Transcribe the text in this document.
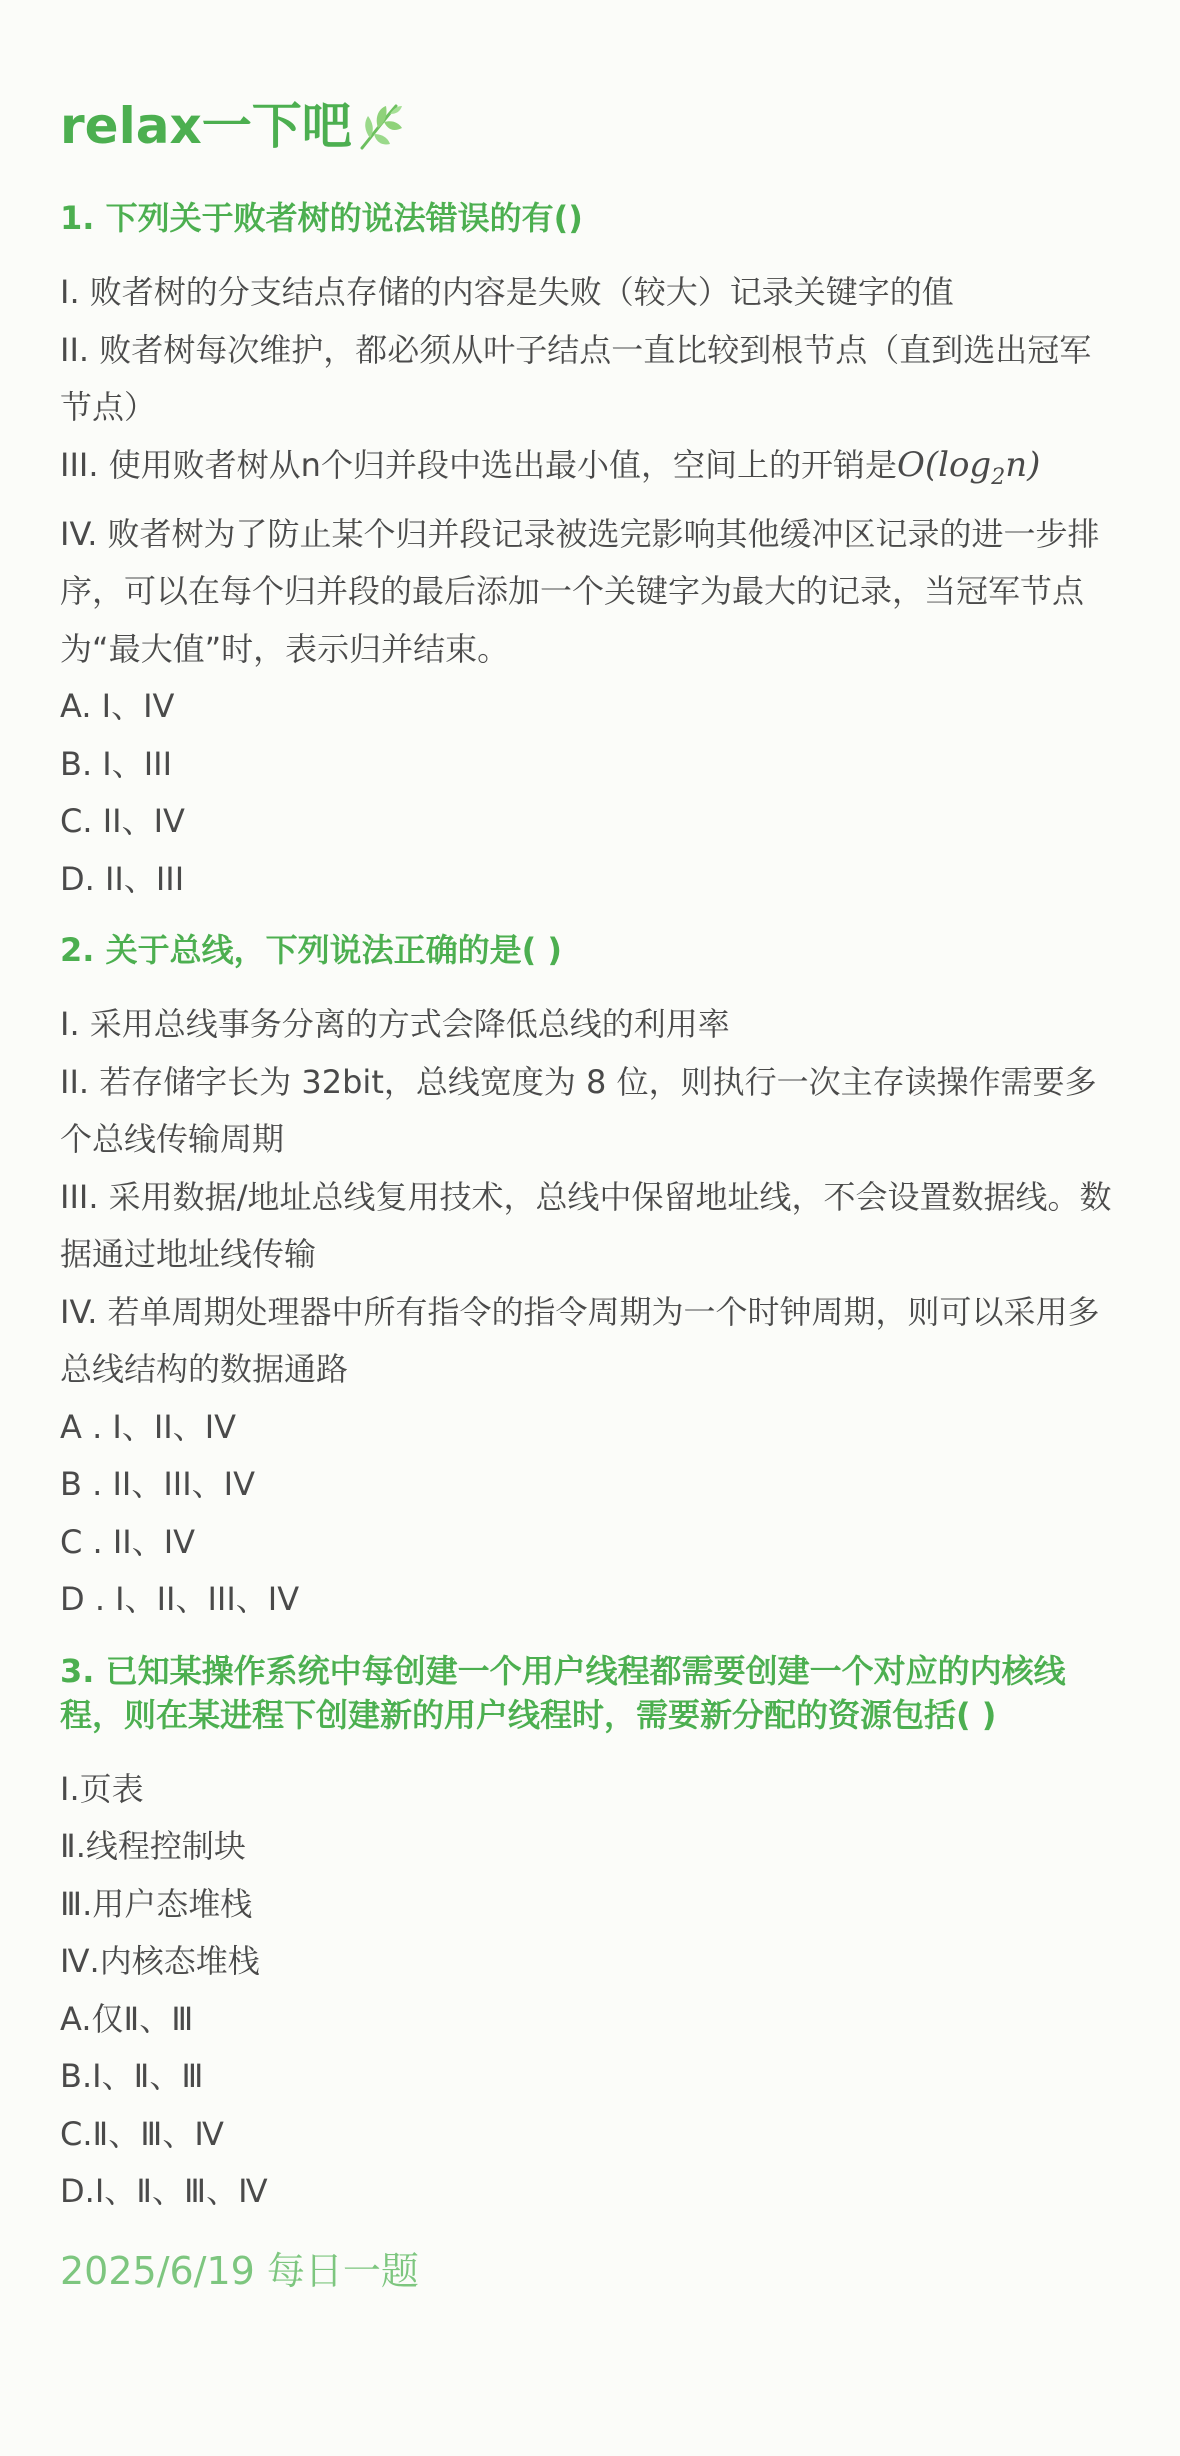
relax一下吧
1. 下列关于败者树的说法错误的有()
I. 败者树的分支结点存储的内容是失败（较大）记录关键字的值
II. 败者树每次维护，都必须从叶子结点一直比较到根节点（直到选出冠军节点）
III. 使用败者树从n个归并段中选出最小值，空间上的开销是$O(\log_2n)$
IV. 败者树为了防止某个归并段记录被选完影响其他缓冲区记录的进一步排序，可以在每个归并段的最后添加一个关键字为最大的记录，当冠军节点为“最大值”时，表示归并结束。
A. I、IV
B. I、III
C. II、IV
D. II、III
2. 关于总线，下列说法正确的是( )
I. 采用总线事务分离的方式会降低总线的利用率
II. 若存储字长为 32bit，总线宽度为 8 位，则执行一次主存读操作需要多个总线传输周期
III. 采用数据/地址总线复用技术，总线中保留地址线，不会设置数据线。数据通过地址线传输
IV. 若单周期处理器中所有指令的指令周期为一个时钟周期，则可以采用多总线结构的数据通路
A . I、II、IV
B . II、III、IV
C . II、IV
D . I、II、III、IV
3. 已知某操作系统中每创建一个用户线程都需要创建一个对应的内核线程，则在某进程下创建新的用户线程时，需要新分配的资源包括( )
Ⅰ.页表
Ⅱ.线程控制块
Ⅲ.用户态堆栈
Ⅳ.内核态堆栈
A.仅Ⅱ、Ⅲ
B.Ⅰ、Ⅱ、Ⅲ
C.Ⅱ、Ⅲ、Ⅳ
D.Ⅰ、Ⅱ、Ⅲ、Ⅳ
2025/6/19 每日一题
